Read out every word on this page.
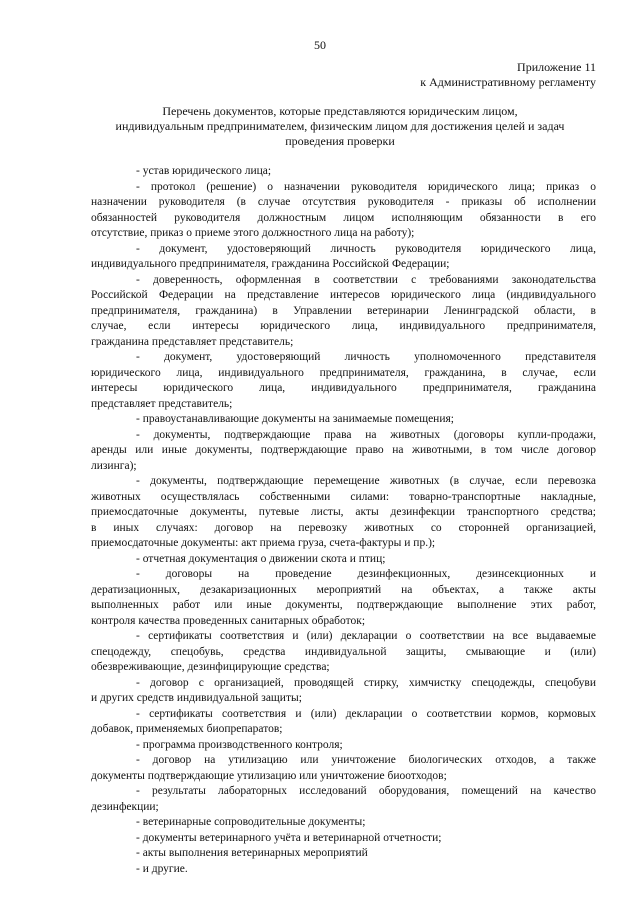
50
Приложение 11
к Административному регламенту
Перечень документов, которые представляются юридическим лицом,
индивидуальным предпринимателем, физическим лицом для достижения целей и задач
проведения проверки
- устав юридического лица;
- протокол (решение) о назначении руководителя юридического лица; приказ о
назначении руководителя (в случае отсутствия руководителя - приказы об исполнении
обязанностей руководителя должностным лицом исполняющим обязанности в его
отсутствие, приказ о приеме этого должностного лица на работу);
- документ, удостоверяющий личность руководителя юридического лица,
индивидуального предпринимателя, гражданина Российской Федерации;
- доверенность, оформленная в соответствии с требованиями законодательства
Российской Федерации на представление интересов юридического лица (индивидуального
предпринимателя, гражданина) в Управлении ветеринарии Ленинградской области, в
случае, если интересы юридического лица, индивидуального предпринимателя,
гражданина представляет представитель;
- документ, удостоверяющий личность уполномоченного представителя
юридического лица, индивидуального предпринимателя, гражданина, в случае, если
интересы юридического лица, индивидуального предпринимателя, гражданина
представляет представитель;
- правоустанавливающие документы на занимаемые помещения;
- документы, подтверждающие права на животных (договоры купли-продажи,
аренды или иные документы, подтверждающие право на животными, в том числе договор
лизинга);
- документы, подтверждающие перемещение животных (в случае, если перевозка
животных осуществлялась собственными силами: товарно-транспортные накладные,
приемосдаточные документы, путевые листы, акты дезинфекции транспортного средства;
в иных случаях: договор на перевозку животных со сторонней организацией,
приемосдаточные документы: акт приема груза, счета-фактуры и пр.);
- отчетная документация о движении скота и птиц;
- договоры на проведение дезинфекционных, дезинсекционных и
дератизационных, дезакаризационных мероприятий на объектах, а также акты
выполненных работ или иные документы, подтверждающие выполнение этих работ,
контроля качества проведенных санитарных обработок;
- сертификаты соответствия и (или) декларации о соответствии на все выдаваемые
спецодежду, спецобувь, средства индивидуальной защиты, смывающие и (или)
обезвреживающие, дезинфицирующие средства;
- договор с организацией, проводящей стирку, химчистку спецодежды, спецобуви
и других средств индивидуальной защиты;
- сертификаты соответствия и (или) декларации о соответствии кормов, кормовых
добавок, применяемых биопрепаратов;
- программа производственного контроля;
- договор на утилизацию или уничтожение биологических отходов, а также
документы подтверждающие утилизацию или уничтожение биоотходов;
- результаты лабораторных исследований оборудования, помещений на качество
дезинфекции;
- ветеринарные сопроводительные документы;
- документы ветеринарного учёта и ветеринарной отчетности;
- акты выполнения ветеринарных мероприятий
- и другие.
